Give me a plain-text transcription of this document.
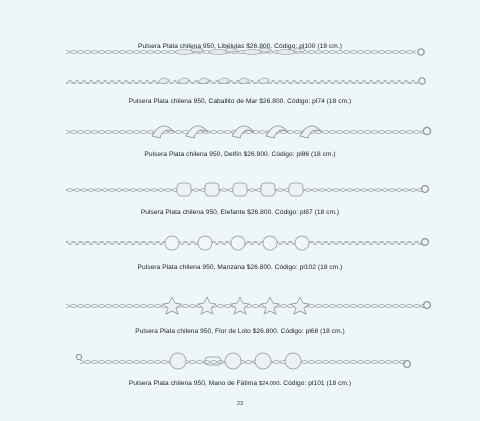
Pulsera Plata chilena 950, Libélulas $26.800. Código: pl100 (18 cm.)
Pulsera Plata chilena 950, Caballito de Mar $26.800. Código: pl74 (18 cm.)
Pulsera Plata chilena 950, Delfín $26.800. Código: pl86 (18 cm.)
Pulsera Plata chilena 950, Elefante $26.800. Código: pl87 (18 cm.)
Pulsera Plata chilena 950, Manzana $26.800. Código: pl102 (18 cm.)
Pulsera Plata chilena 950, Flor de Loto $26.800. Código: pl68 (18 cm.)
Pulsera Plata chilena 950, Mano de Fátima $24.000. Código: pl101 (18 cm.)
23
